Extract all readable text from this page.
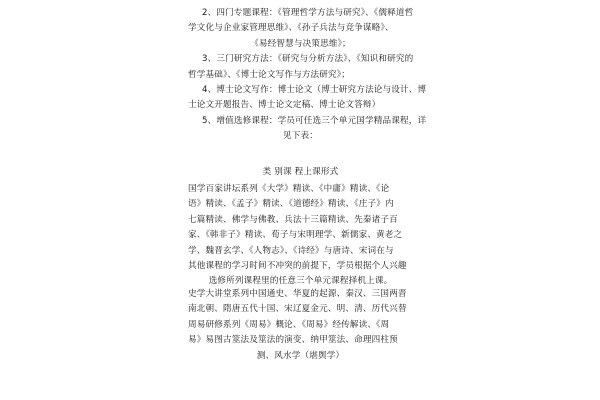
2、四门专题课程：《管理哲学方法与研究》、《儒释道哲
学文化与企业家管理思维》、《孙子兵法与竞争谋略》、
《易经智慧与决策思维》；
3、三门研究方法：《研究与分析方法》、《知识和研究的
哲学基础》、《博士论文写作与方法研究》；
4、博士论文写作：博士论文（博士研究方法论与设计、博
士论文开题报告、博士论文定稿、博士论文答辩）
5、增值选修课程：学员可任选三个单元国学精品课程，详
见下表：
类 别课 程上课形式
国学百家讲坛系列《大学》精读、《中庸》精读、《论
语》精读、《孟子》精读、《道德经》精读、《庄子》内
七篇精读、佛学与佛教、兵法十三篇精读、先秦诸子百
家、《韩非子》精读、荀子与宋明理学、新儒家、黄老之
学、魏晋玄学、《人物志》、《诗经》与唐诗、宋词在与
其他课程的学习时间不冲突的前提下，学员根据个人兴趣
选修所列课程里的任意三个单元课程择机上课。
史学大讲堂系列中国通史、华夏的起源、秦汉、三国两晋
南北朝、隋唐五代十国、宋辽夏金元、明、清、历代兴替
周易研修系列《周易》概论、《周易》经传解读、《周
易》易图古筮法及筮法的演变、纳甲筮法、命理四柱预
测、风水学（堪舆学）
